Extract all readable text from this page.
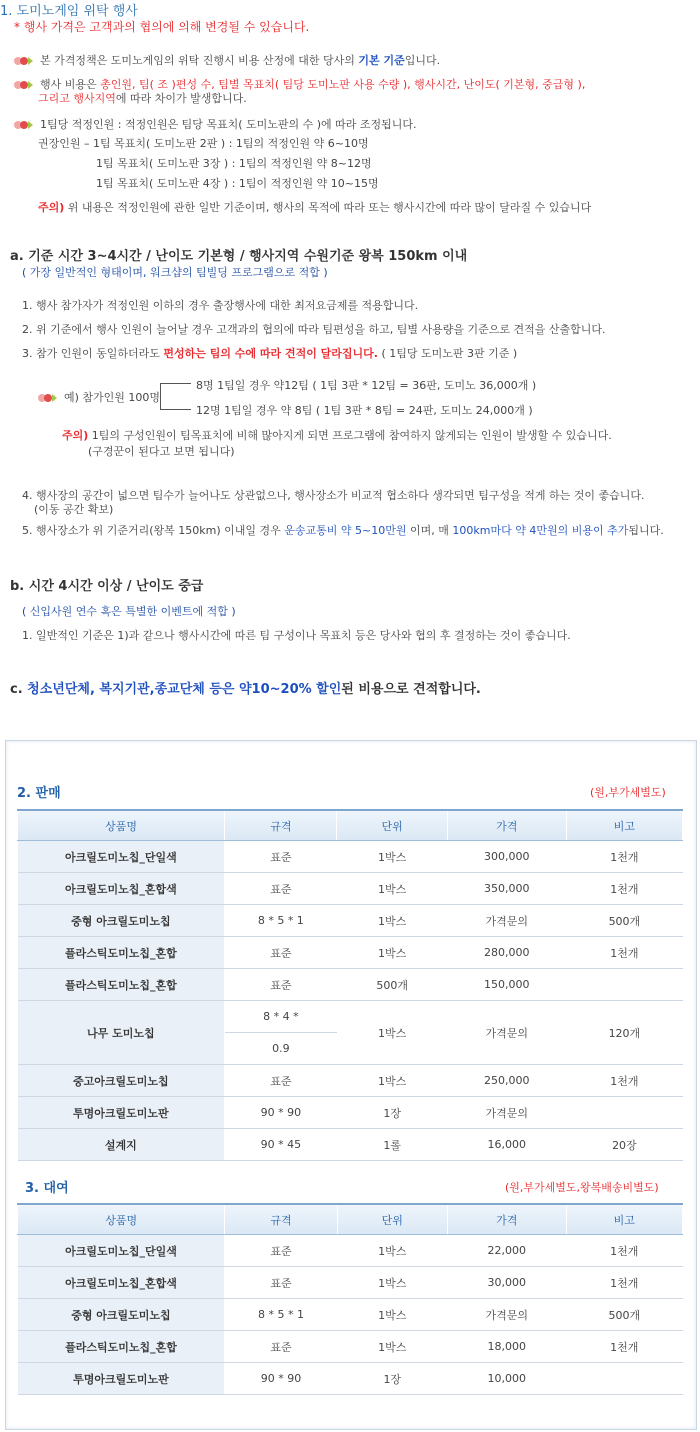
1. 도미노게임 위탁 행사
* 행사 가격은 고객과의 협의에 의해 변경될 수 있습니다.
본 가격정책은 도미노게임의 위탁 진행시 비용 산정에 대한 당사의 기본 기준입니다.
행사 비용은 총인원, 팀( 조 )편성 수, 팀별 목표치( 팀당 도미노판 사용 수량 ), 행사시간, 난이도( 기본형, 중급형 ),
그리고 행사지역에 따라 차이가 발생합니다.
1팀당 적정인원 : 적정인원은 팀당 목표치( 도미노판의 수 )에 따라 조정됩니다.
권장인원 – 1팀 목표치( 도미노판 2판 ) : 1팀의 적정인원 약 6~10명
1팀 목표치( 도미노판 3장 ) : 1팀의 적정인원 약 8~12명
1팀 목표치( 도미노판 4장 ) : 1팀이 적정인원 약 10~15명
주의) 위 내용은 적정인원에 관한 일반 기준이며, 행사의 목적에 따라 또는 행사시간에 따라 많이 달라질 수 있습니다
a. 기준 시간 3~4시간 / 난이도 기본형 / 행사지역 수원기준 왕복 150km 이내
( 가장 일반적인 형태이며, 워크샵의 팀빌딩 프로그램으로 적합 )
1. 행사 참가자가 적정인원 이하의 경우 출장행사에 대한 최저요금제를 적용합니다.
2. 위 기준에서 행사 인원이 늘어날 경우 고객과의 협의에 따라 팀편성을 하고, 팀별 사용량을 기준으로 견적을 산출합니다.
3. 참가 인원이 동일하더라도 편성하는 팀의 수에 따라 견적이 달라집니다. ( 1팀당 도미노판 3판 기준 )
예) 참가인원 100명
8명 1팀일 경우 약12팀 ( 1팀 3판 * 12팀 = 36판, 도미노 36,000개 )
12명 1팀일 경우 약 8팀 ( 1팀 3판 * 8팀 = 24판, 도미노 24,000개 )
주의) 1팀의 구성인원이 팀목표치에 비해 많아지게 되면 프로그램에 참여하지 않게되는 인원이 발생할 수 있습니다.
(구경꾼이 된다고 보면 됩니다)
4. 행사장의 공간이 넓으면 팀수가 늘어나도 상관없으나, 행사장소가 비교적 협소하다 생각되면 팀구성을 적게 하는 것이 좋습니다.
(이동 공간 확보)
5. 행사장소가 위 기준거리(왕복 150km) 이내일 경우 운송교통비 약 5~10만원 이며, 매 100km마다 약 4만원의 비용이 추가됩니다.
b. 시간 4시간 이상 / 난이도 중급
( 신입사원 연수 혹은 특별한 이벤트에 적합 )
1. 일반적인 기준은 1)과 같으나 행사시간에 따른 팀 구성이나 목표치 등은 당사와 협의 후 결정하는 것이 좋습니다.
c. 청소년단체, 복지기관,종교단체 등은 약10~20% 할인된 비용으로 견적합니다.
2. 판매	(원,부가세별도)
상품명	규격	단위	가격	비고
아크릴도미노칩_단일색	표준	1박스	300,000	1천개
아크릴도미노칩_혼합색	표준	1박스	350,000	1천개
중형 아크릴도미노칩	8 * 5 * 1	1박스	가격문의	500개
플라스틱도미노칩_혼합	표준	1박스	280,000	1천개
플라스틱도미노칩_혼합	표준	500개	150,000	
나무 도미노칩	8 * 4 *	1박스	가격문의	120개
	0.9			
중고아크릴도미노칩	표준	1박스	250,000	1천개
투명아크릴도미노판	90 * 90	1장	가격문의	
설계지	90 * 45	1롤	16,000	20장
3. 대여	(원,부가세별도,왕복배송비별도)
상품명	규격	단위	가격	비고
아크릴도미노칩_단일색	표준	1박스	22,000	1천개
아크릴도미노칩_혼합색	표준	1박스	30,000	1천개
중형 아크릴도미노칩	8 * 5 * 1	1박스	가격문의	500개
플라스틱도미노칩_혼합	표준	1박스	18,000	1천개
투명아크릴도미노판	90 * 90	1장	10,000	
